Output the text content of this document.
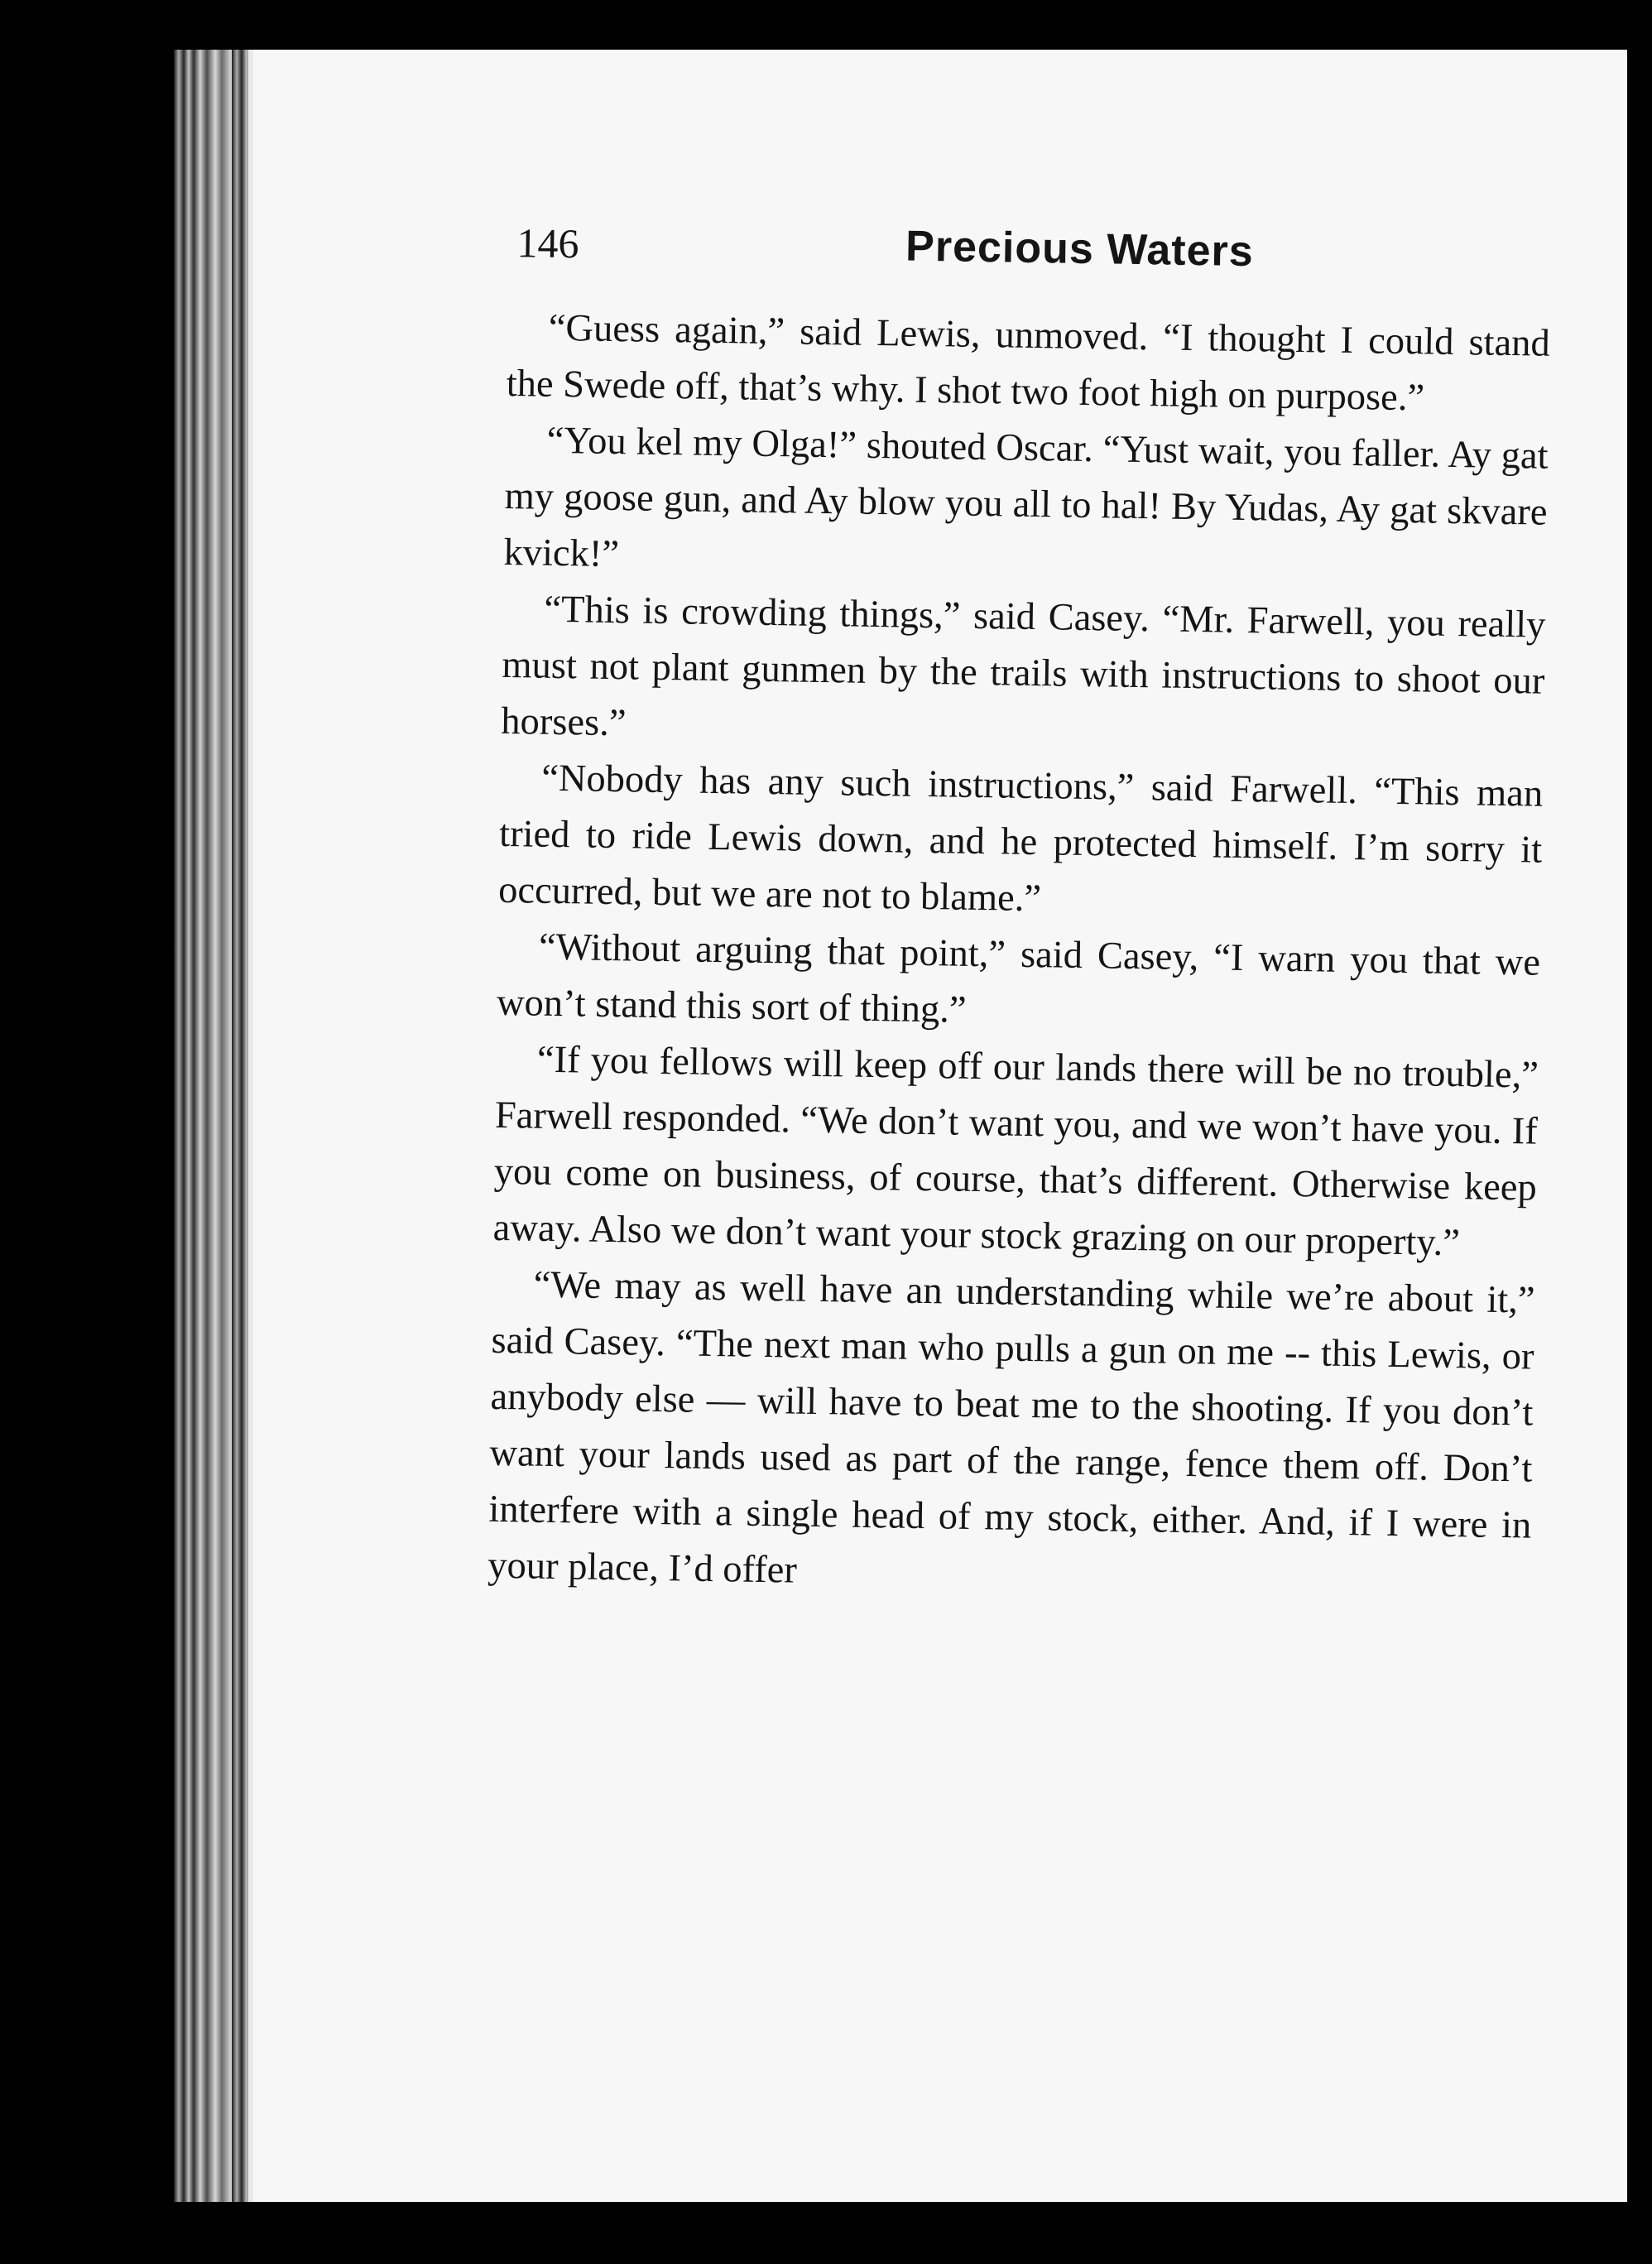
146	Precious Waters

“Guess again,” said Lewis, unmoved. “I thought I could stand the Swede off, that’s why. I shot two foot high on purpose.”

“You kel my Olga!” shouted Oscar. “Yust wait, you faller. Ay gat my goose gun, and Ay blow you all to hal! By Yudas, Ay gat skvare kvick!”

“This is crowding things,” said Casey. “Mr. Farwell, you really must not plant gunmen by the trails with instructions to shoot our horses.”

“Nobody has any such instructions,” said Farwell. “This man tried to ride Lewis down, and he protected himself. I’m sorry it occurred, but we are not to blame.”

“Without arguing that point,” said Casey, “I warn you that we won’t stand this sort of thing.”

“If you fellows will keep off our lands there will be no trouble,” Farwell responded. “We don’t want you, and we won’t have you. If you come on business, of course, that’s different. Otherwise keep away. Also we don’t want your stock grazing on our property.”

“We may as well have an understanding while we’re about it,” said Casey. “The next man who pulls a gun on me -- this Lewis, or anybody else — will have to beat me to the shooting. If you don’t want your lands used as part of the range, fence them off. Don’t interfere with a single head of my stock, either. And, if I were in your place, I’d offer
